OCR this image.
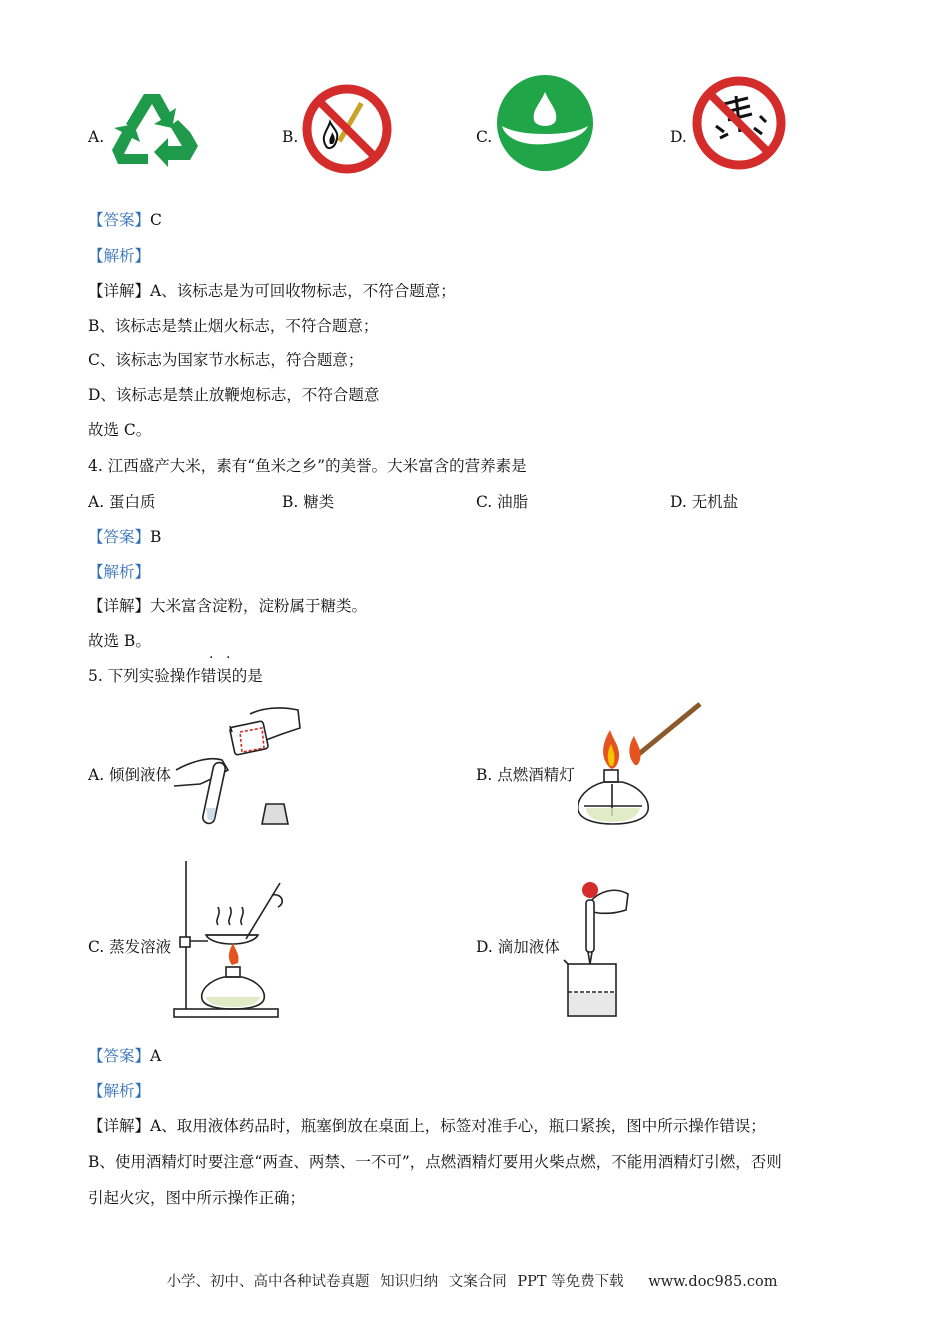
A.	B.	C.	D.
【答案】C
【解析】
【详解】A、该标志是为可回收物标志，不符合题意；
B、该标志是禁止烟火标志，不符合题意；
C、该标志为国家节水标志，符合题意；
D、该标志是禁止放鞭炮标志，不符合题意
故选 C。
4. 江西盛产大米，素有“鱼米之乡”的美誉。大米富含的营养素是
A. 蛋白质	B. 糖类	C. 油脂	D. 无机盐
【答案】B
【解析】
【详解】大米富含淀粉，淀粉属于糖类。
故选 B。
· ·
5. 下列实验操作错误的是
A. 倾倒液体	B. 点燃酒精灯
C. 蒸发溶液	D. 滴加液体
【答案】A
【解析】
【详解】A、取用液体药品时，瓶塞倒放在桌面上，标签对准手心，瓶口紧挨，图中所示操作错误；
B、使用酒精灯时要注意“两查、两禁、一不可”，点燃酒精灯要用火柴点燃，不能用酒精灯引燃，否则
引起火灾，图中所示操作正确；
小学、初中、高中各种试卷真题 知识归纳 文案合同 PPT 等免费下载 www.doc985.com
